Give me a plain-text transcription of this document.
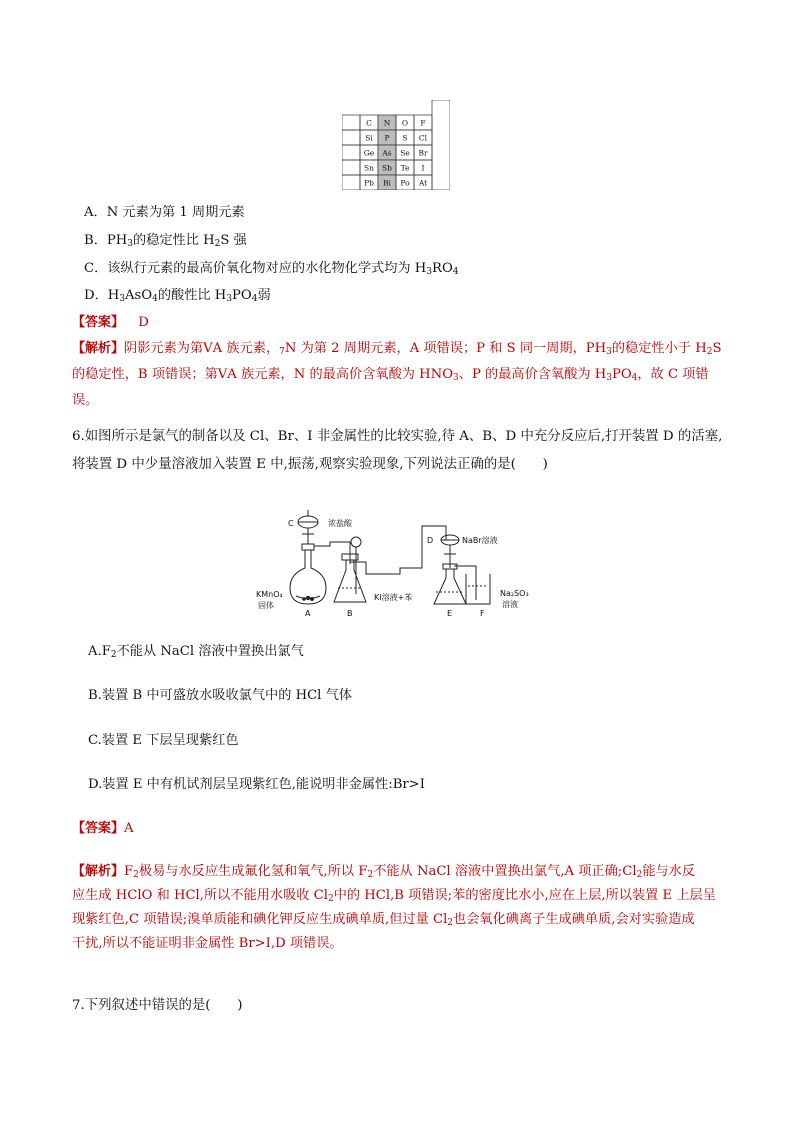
C N O F
Si P S Cl
Ge As Se Br
Sn Sb Te I
Pb Bi Po At
A．N 元素为第 1 周期元素
B．$PH_3$的稳定性比 $H_2S$ 强
C．该纵行元素的最高价氧化物对应的水化物化学式均为 $H_3RO_4$
D．$H_3AsO_4$的酸性比 $H_3PO_4$弱
【答案】 D
【解析】阴影元素为第ⅤA 族元素，$_7$N 为第 2 周期元素，A 项错误；P 和 S 同一周期，$PH_3$的稳定性小于 $H_2S$
的稳定性，B 项错误；第ⅤA 族元素，N 的最高价含氧酸为 $HNO_3$、P 的最高价含氧酸为 $H_3PO_4$，故 C 项错
误。
6.如图所示是氯气的制备以及 Cl、Br、I 非金属性的比较实验,待 A、B、D 中充分反应后,打开装置 D 的活塞,
将装置 D 中少量溶液加入装置 E 中,振荡,观察实验现象,下列说法正确的是(　　)
C	浓盐酸
D	NaBr溶液
KMnO₄
固体
A	B
KI溶液+苯
E	F
Na₂SO₃
溶液
$A.F_2$不能从 NaCl 溶液中置换出氯气
B.装置 B 中可盛放水吸收氯气中的 HCl 气体
C.装置 E 下层呈现紫红色
D.装置 E 中有机试剂层呈现紫红色,能说明非金属性:Br>I
【答案】A
【解析】$F_2$极易与水反应生成氟化氢和氧气,所以 $F_2$不能从 NaCl 溶液中置换出氯气,A 项正确$;Cl_2$能与水反
应生成 HClO 和 HCl,所以不能用水吸收 $Cl_2$中的 HCl,B 项错误;苯的密度比水小,应在上层,所以装置 E 上层呈
现紫红色,C 项错误;溴单质能和碘化钾反应生成碘单质,但过量 $Cl_2$也会氧化碘离子生成碘单质,会对实验造成
干扰,所以不能证明非金属性 Br>I,D 项错误。
7.下列叙述中错误的是(　　)
